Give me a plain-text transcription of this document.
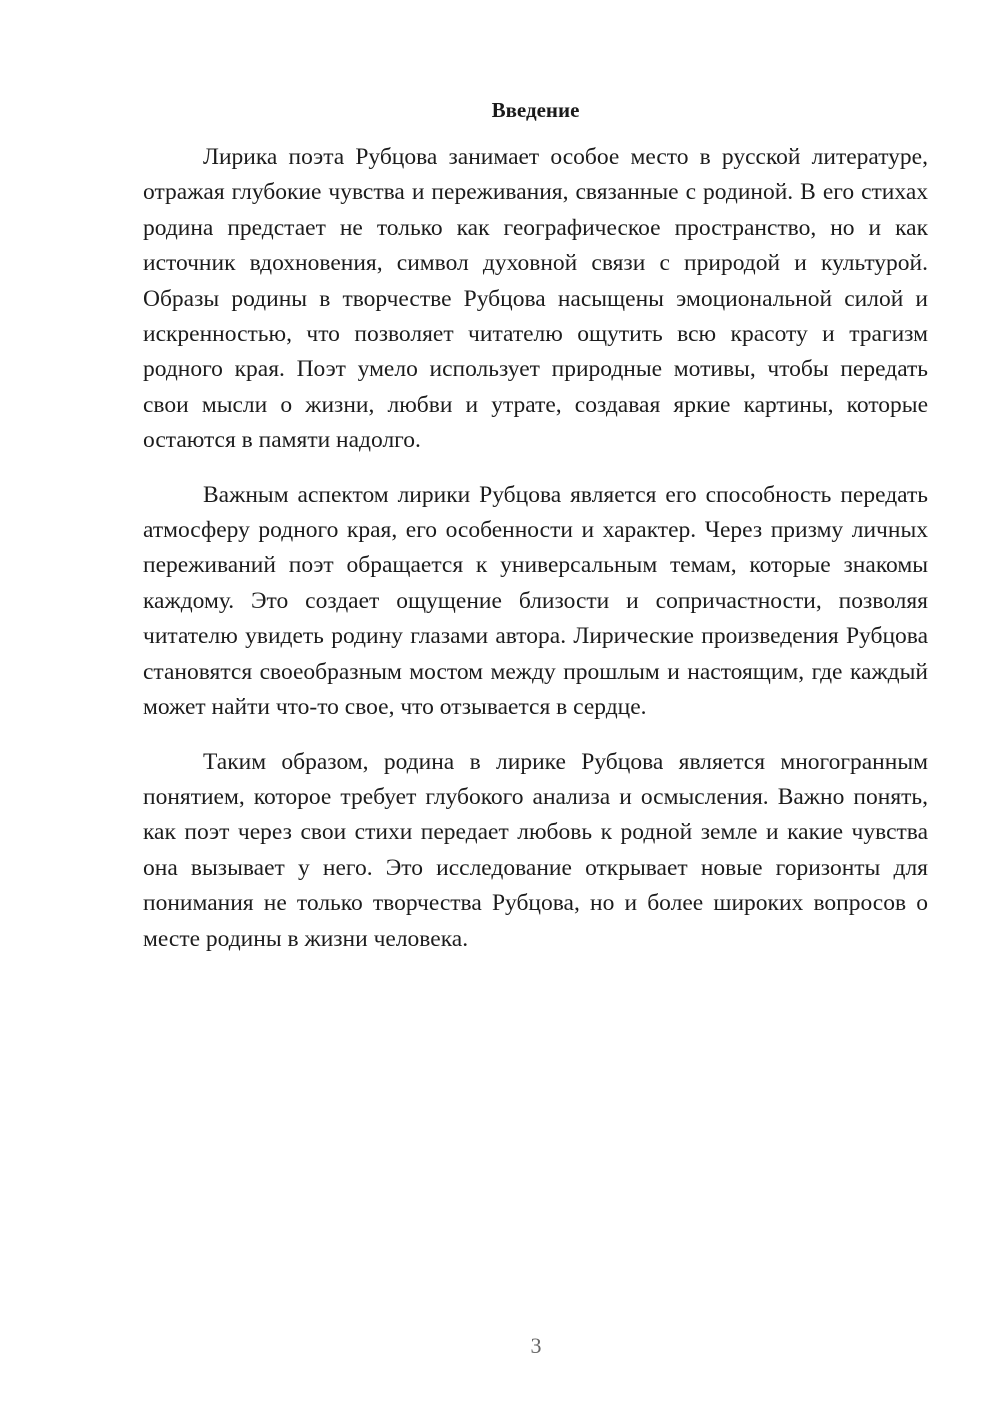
Введение

Лирика поэта Рубцова занимает особое место в русской литературе, отражая глубокие чувства и переживания, связанные с родиной. В его стихах родина предстает не только как географическое пространство, но и как источник вдохновения, символ духовной связи с природой и культурой. Образы родины в творчестве Рубцова насыщены эмоциональной силой и искренностью, что позволяет читателю ощутить всю красоту и трагизм родного края. Поэт умело использует природные мотивы, чтобы передать свои мысли о жизни, любви и утрате, создавая яркие картины, которые остаются в памяти надолго.

Важным аспектом лирики Рубцова является его способность передать атмосферу родного края, его особенности и характер. Через призму личных переживаний поэт обращается к универсальным темам, которые знакомы каждому. Это создает ощущение близости и сопричастности, позволяя читателю увидеть родину глазами автора. Лирические произведения Рубцова становятся своеобразным мостом между прошлым и настоящим, где каждый может найти что-то свое, что отзывается в сердце.

Таким образом, родина в лирике Рубцова является многогранным понятием, которое требует глубокого анализа и осмысления. Важно понять, как поэт через свои стихи передает любовь к родной земле и какие чувства она вызывает у него. Это исследование открывает новые горизонты для понимания не только творчества Рубцова, но и более широких вопросов о месте родины в жизни человека.

3
